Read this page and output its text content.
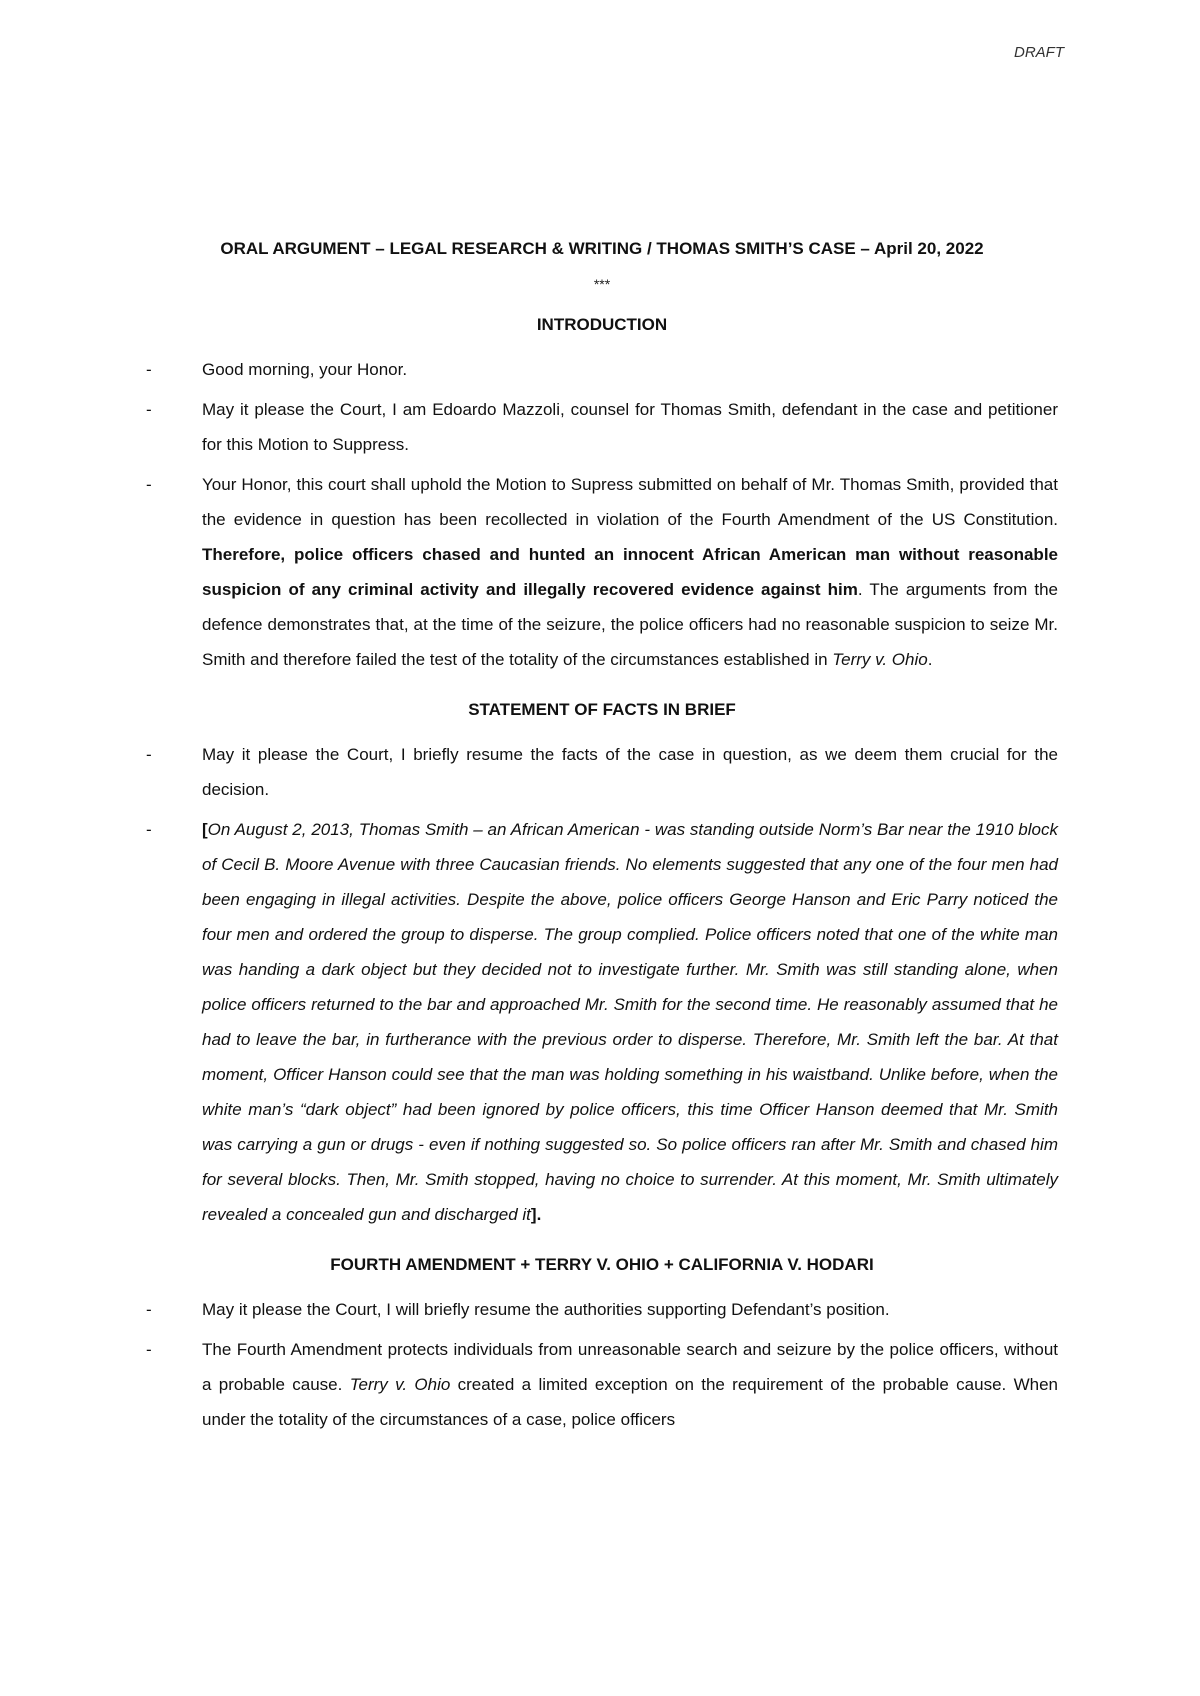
DRAFT
ORAL ARGUMENT – LEGAL RESEARCH & WRITING / THOMAS SMITH’S CASE – April 20, 2022
***
INTRODUCTION
-	Good morning, your Honor.
-	May it please the Court, I am Edoardo Mazzoli, counsel for Thomas Smith, defendant in the case and petitioner for this Motion to Suppress.
-	Your Honor, this court shall uphold the Motion to Supress submitted on behalf of Mr. Thomas Smith, provided that the evidence in question has been recollected in violation of the Fourth Amendment of the US Constitution. Therefore, police officers chased and hunted an innocent African American man without reasonable suspicion of any criminal activity and illegally recovered evidence against him. The arguments from the defence demonstrates that, at the time of the seizure, the police officers had no reasonable suspicion to seize Mr. Smith and therefore failed the test of the totality of the circumstances established in Terry v. Ohio.
STATEMENT OF FACTS IN BRIEF
-	May it please the Court, I briefly resume the facts of the case in question, as we deem them crucial for the decision.
-	[On August 2, 2013, Thomas Smith – an African American - was standing outside Norm’s Bar near the 1910 block of Cecil B. Moore Avenue with three Caucasian friends. No elements suggested that any one of the four men had been engaging in illegal activities. Despite the above, police officers George Hanson and Eric Parry noticed the four men and ordered the group to disperse. The group complied. Police officers noted that one of the white man was handing a dark object but they decided not to investigate further. Mr. Smith was still standing alone, when police officers returned to the bar and approached Mr. Smith for the second time. He reasonably assumed that he had to leave the bar, in furtherance with the previous order to disperse. Therefore, Mr. Smith left the bar. At that moment, Officer Hanson could see that the man was holding something in his waistband. Unlike before, when the white man’s “dark object” had been ignored by police officers, this time Officer Hanson deemed that Mr. Smith was carrying a gun or drugs - even if nothing suggested so. So police officers ran after Mr. Smith and chased him for several blocks. Then, Mr. Smith stopped, having no choice to surrender. At this moment, Mr. Smith ultimately revealed a concealed gun and discharged it].
FOURTH AMENDMENT + TERRY V. OHIO + CALIFORNIA V. HODARI
-	May it please the Court, I will briefly resume the authorities supporting Defendant’s position.
-	The Fourth Amendment protects individuals from unreasonable search and seizure by the police officers, without a probable cause. Terry v. Ohio created a limited exception on the requirement of the probable cause. When under the totality of the circumstances of a case, police officers
